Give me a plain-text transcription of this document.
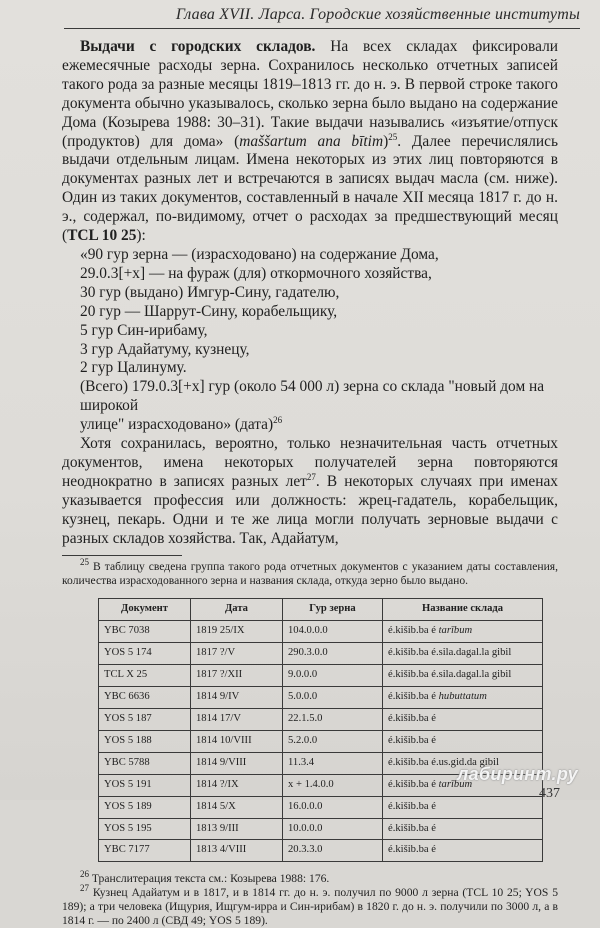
Глава XVII. Ларса. Городские хозяйственные институты

Выдачи с городских складов. На всех складах фиксировали ежемесячные расходы зерна. Сохранилось несколько отчетных записей такого рода за разные месяцы 1819–1813 гг. до н. э. В первой строке такого документа обычно указывалось, сколько зерна было выдано на содержание Дома (Козырева 1988: 30–31). Такие выдачи назывались «изъятие/отпуск (продуктов) для дома» (maššartum ana bītim)$^{25}$. Далее перечислялись выдачи отдельным лицам. Имена некоторых из этих лиц повторяются в документах разных лет и встречаются в записях выдач масла (см. ниже). Один из таких документов, составленный в начале XII месяца 1817 г. до н. э., содержал, по-видимому, отчет о расходах за предшествующий месяц (TCL 10 25):

«90 гур зерна — (израсходовано) на содержание Дома,
29.0.3[+x] — на фураж (для) откормочного хозяйства,
30 гур (выдано) Имгур-Сину, гадателю,
20 гур — Шаррут-Сину, корабельщику,
5 гур Син-ирибаму,
3 гур Адайатуму, кузнецу,
2 гур Цалинуму.
(Всего) 179.0.3[+x] гур (около 54 000 л) зерна со склада "новый дом на широкой
улице" израсходовано» (дата)$^{26}$

Хотя сохранилась, вероятно, только незначительная часть отчетных документов, имена некоторых получателей зерна повторяются неоднократно в записях разных лет$^{27}$. В некоторых случаях при именах указывается профессия или должность: жрец-гадатель, корабельщик, кузнец, пекарь. Одни и те же лица могли получать зерновые выдачи с разных складов хозяйства. Так, Адайатум,

$^{25}$ В таблицу сведена группа такого рода отчетных документов с указанием даты составления, количества израсходованного зерна и названия склада, откуда зерно было выдано.

Документ	Дата	Гур зерна	Название склада
YBC 7038	1819 25/IX	104.0.0.0	é.kišib.ba é tarībum
YOS 5 174	1817 ?/V	290.3.0.0	é.kišib.ba é.sila.dagal.la gibil
TCL X 25	1817 ?/XII	9.0.0.0	é.kišib.ba é.sila.dagal.la gibil
YBC 6636	1814 9/IV	5.0.0.0	é.kišib.ba é hubuttatum
YOS 5 187	1814 17/V	22.1.5.0	é.kišib.ba é
YOS 5 188	1814 10/VIII	5.2.0.0	é.kišib.ba é
YBC 5788	1814 9/VIII	11.3.4	é.kišib.ba é.us.gid.da gibil
YOS 5 191	1814 ?/IX	x + 1.4.0.0	é.kišib.ba é tarībum
YOS 5 189	1814 5/X	16.0.0.0	é.kišib.ba é
YOS 5 195	1813 9/III	10.0.0.0	é.kišib.ba é
YBC 7177	1813 4/VIII	20.3.3.0	é.kišib.ba é

$^{26}$ Транслитерация текста см.: Козырева 1988: 176.

$^{27}$ Кузнец Адайатум и в 1817, и в 1814 гг. до н. э. получил по 9000 л зерна (TCL 10 25; YOS 5 189); а три человека (Ищурия, Ищгум-ирра и Син-ирибам) в 1820 г. до н. э. получили по 3000 л, а в 1814 г. — по 2400 л (СВД 49; YOS 5 189).

лабиринт.ру
437
